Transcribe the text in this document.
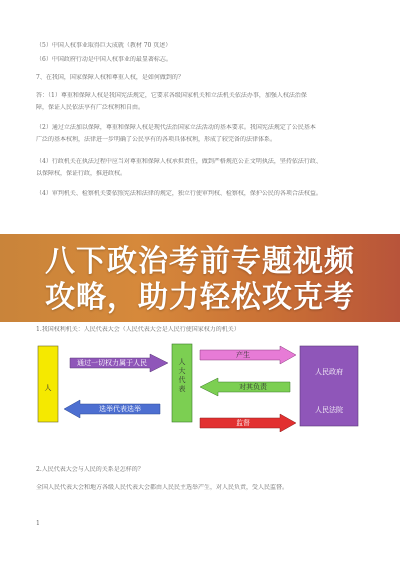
（5）中国人权事业取得巨大成就（教材 70 页述）
（6）中国政府行动是中国人权事业的最显著标志。
7、在我国，国家保障人权和尊重人权，是如何做到的？
答：（1）尊重和保障人权是我国宪法规定，它要求各级国家机关和立法机关依法办事，加强人权法治保
障，保证人民依法享有广泛权利和自由。
（2）通过立法加以保障，尊重和保障人权是现代法治国家立法活动的基本要求。我国宪法规定了公民基本
广泛的基本权利，法律进一步明确了公民享有的各项具体权利，形成了较完备的法律体系。
（4）行政机关在执法过程中应当对尊重和保障人权承担责任，做到严格规范公正文明执法，坚持依法行政、
以保障权，保证行政，推进政权。
（4）审判机关、检察机关要依照宪法和法律的规定，独立行使审判权、检察权，保护公民的各项合法权益。
八下政治考前专题视频
攻略，助力轻松攻克考
1.我国权利机关：人民代表大会（人民代表大会是人民行使国家权力的机关）
人
通过一切权力属于人民
选举代表选举
人大代表
产生
对其负责
监督
人民政府
人民法院
2.人民代表大会与人民的关系是怎样的？
全国人民代表大会和地方各级人民代表大会都由人民民主选举产生，对人民负责，受人民监督。
1
